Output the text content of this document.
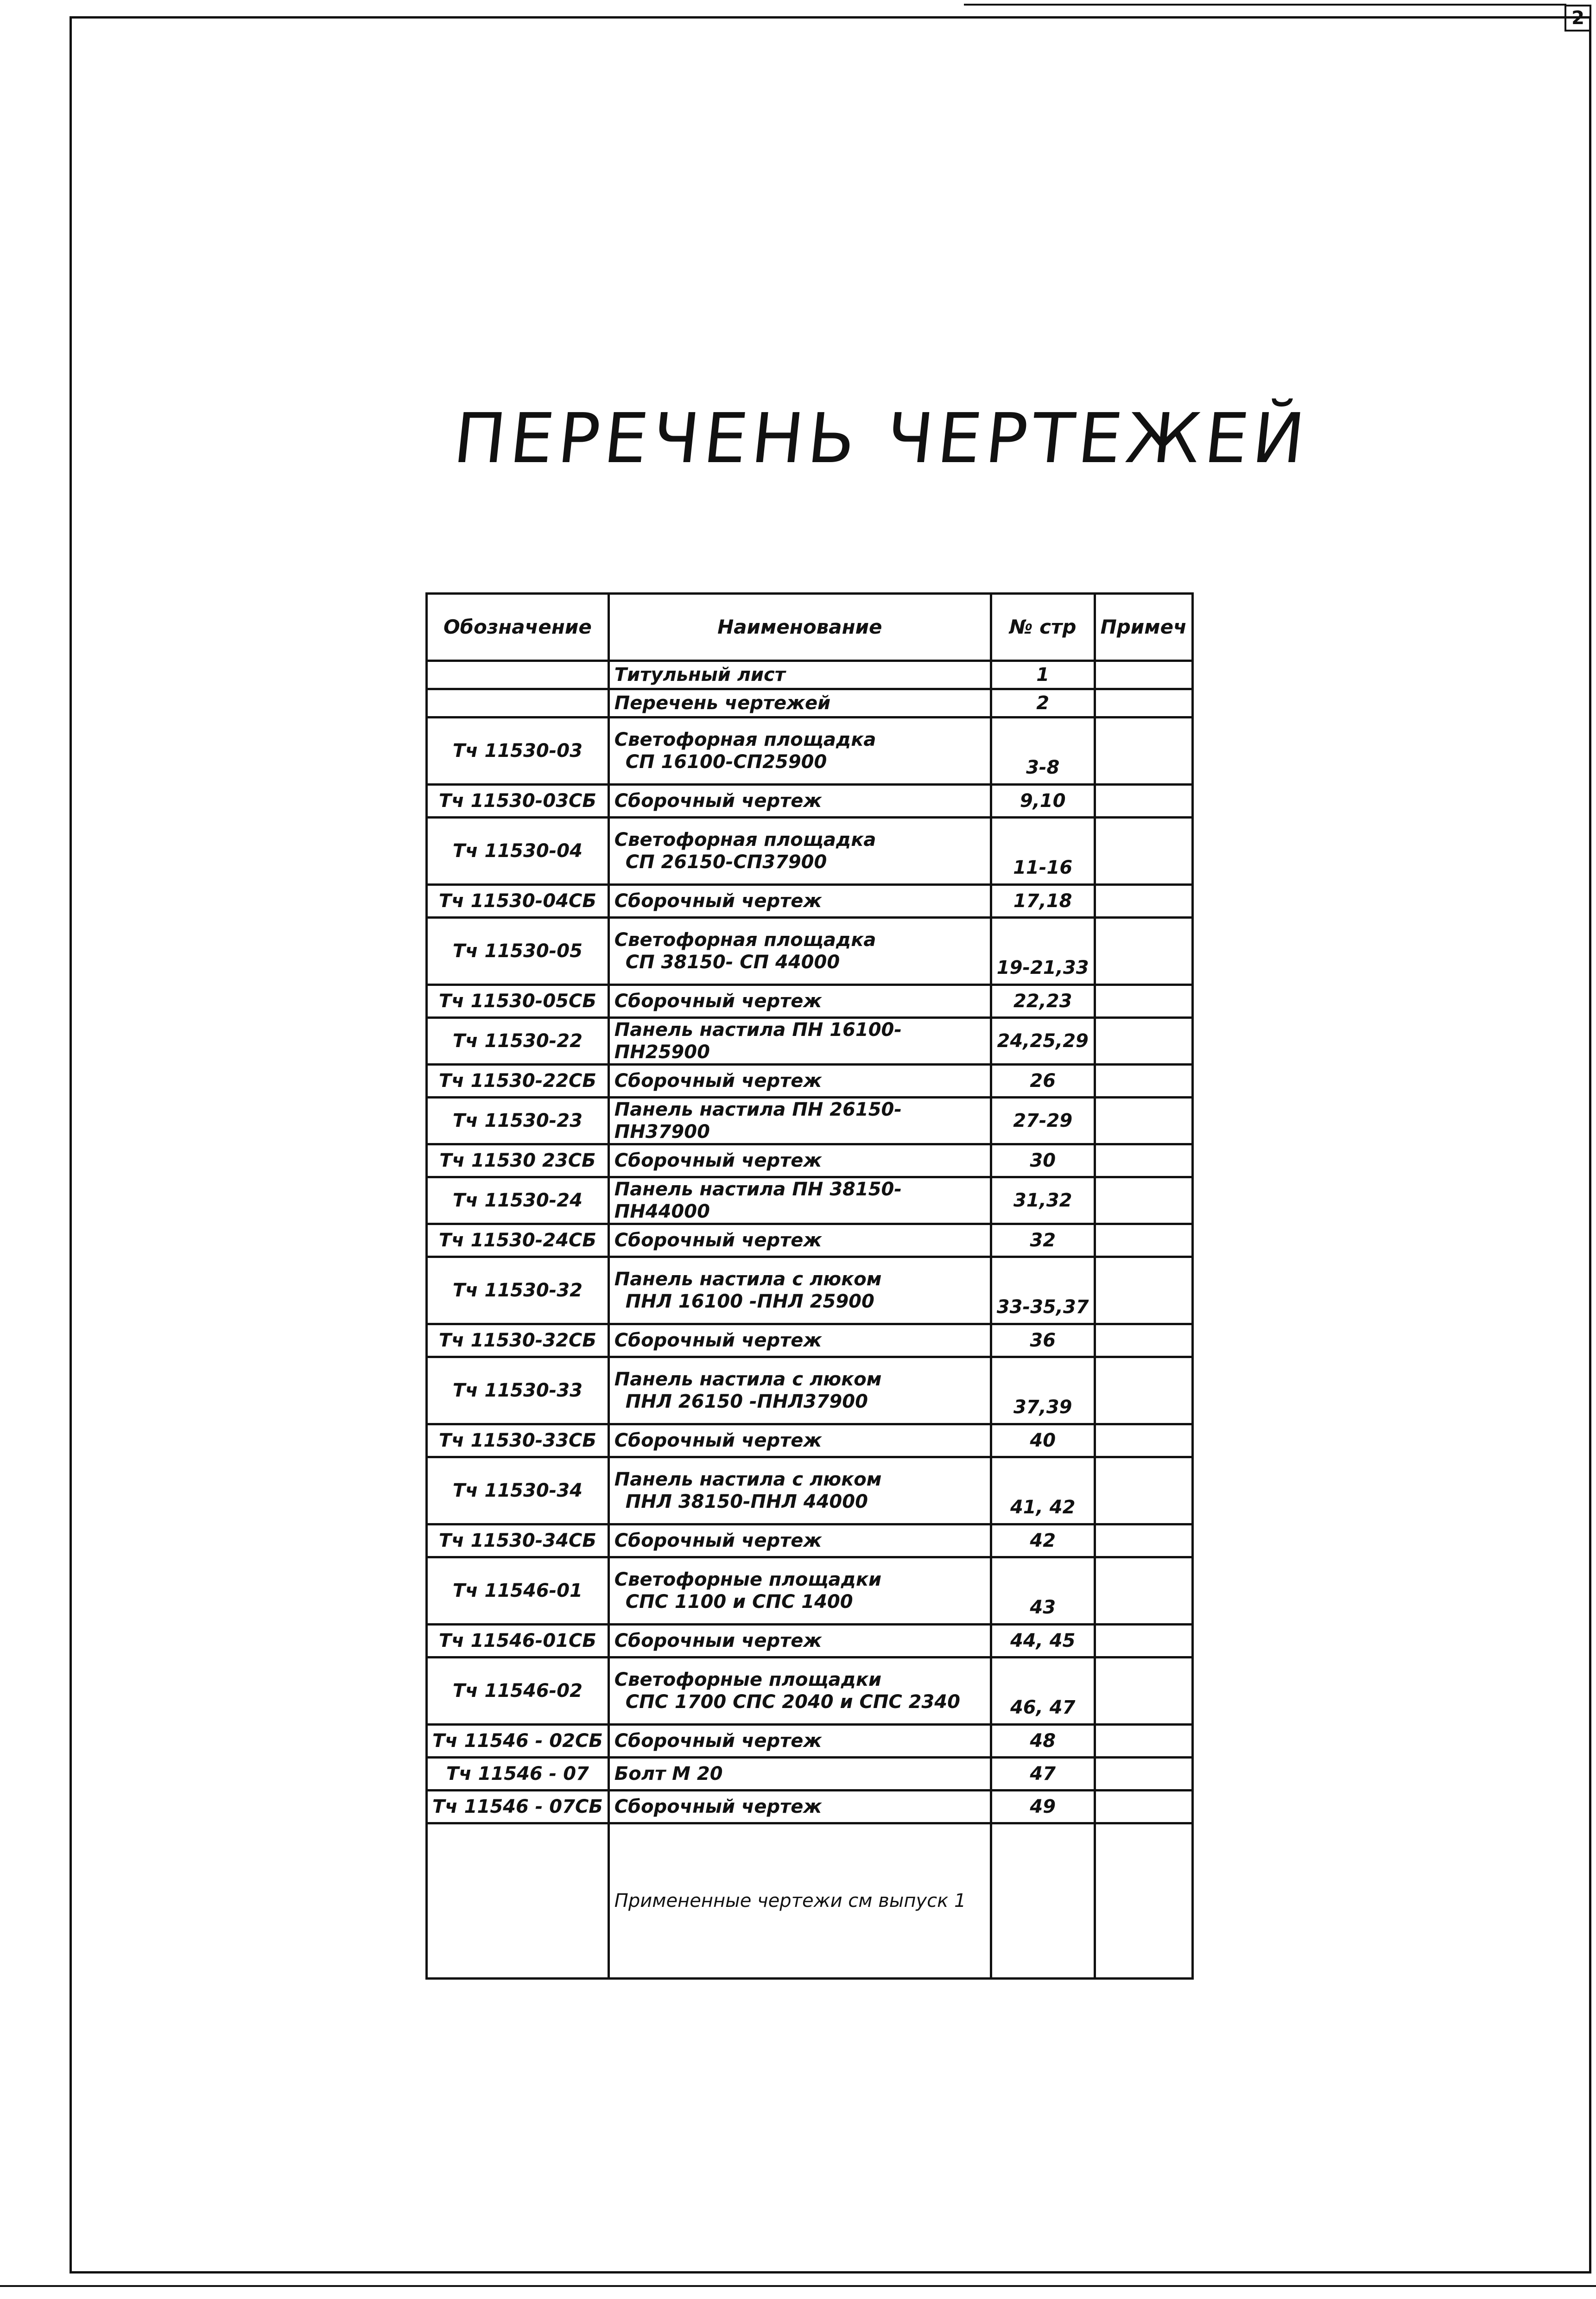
2
ПЕРЕЧЕНЬ ЧЕРТЕЖЕЙ
Обозначение	Наименование	№ стр	Примеч

	Титульный лист	1	

	Перечень чертежей	2	
Тч 11530-03	Светофорная площадка
СП 16100-СП25900	3-8	
Тч 11530-03СБ	Сборочный чертеж	9,10	
Тч 11530-04	Светофорная площадка
СП 26150-СП37900	11-16	
Тч 11530-04СБ	Сборочный чертеж	17,18	
Тч 11530-05	Светофорная площадка
СП 38150- СП 44000	19-21,33	
Тч 11530-05СБ	Сборочный чертеж	22,23	
Тч 11530-22	Панель настила ПН 16100-ПН25900	24,25,29	
Тч 11530-22СБ	Сборочный чертеж	26	
Тч 11530-23	Панель настила ПН 26150-ПН37900	27-29	
Тч 11530 23СБ	Сборочный чертеж	30	
Тч 11530-24	Панель настила ПН 38150-ПН44000	31,32	
Тч 11530-24СБ	Сборочный чертеж	32	
Тч 11530-32	Панель настила с люком
ПНЛ 16100 -ПНЛ 25900	33-35,37	
Тч 11530-32СБ	Сборочный чертеж	36	
Тч 11530-33	Панель настила с люком
ПНЛ 26150 -ПНЛ37900	37,39	
Тч 11530-33СБ	Сборочный чертеж	40	
Тч 11530-34	Панель настила с люком
ПНЛ 38150-ПНЛ 44000	41, 42	
Тч 11530-34СБ	Сборочный чертеж	42	
Тч 11546-01	Светофорные площадки
СПС 1100 и СПС 1400	43	
Тч 11546-01СБ	Сборочныи чертеж	44, 45	
Тч 11546-02	Светофорные площадки
СПС 1700 СПС 2040 и СПС 2340	46, 47	
Тч 11546 - 02СБ	Сборочный чертеж	48	
Тч 11546 - 07	Болт М 20	47	
Тч 11546 - 07СБ	Сборочный чертеж	49	
	Примененные чертежи см выпуск 1		
